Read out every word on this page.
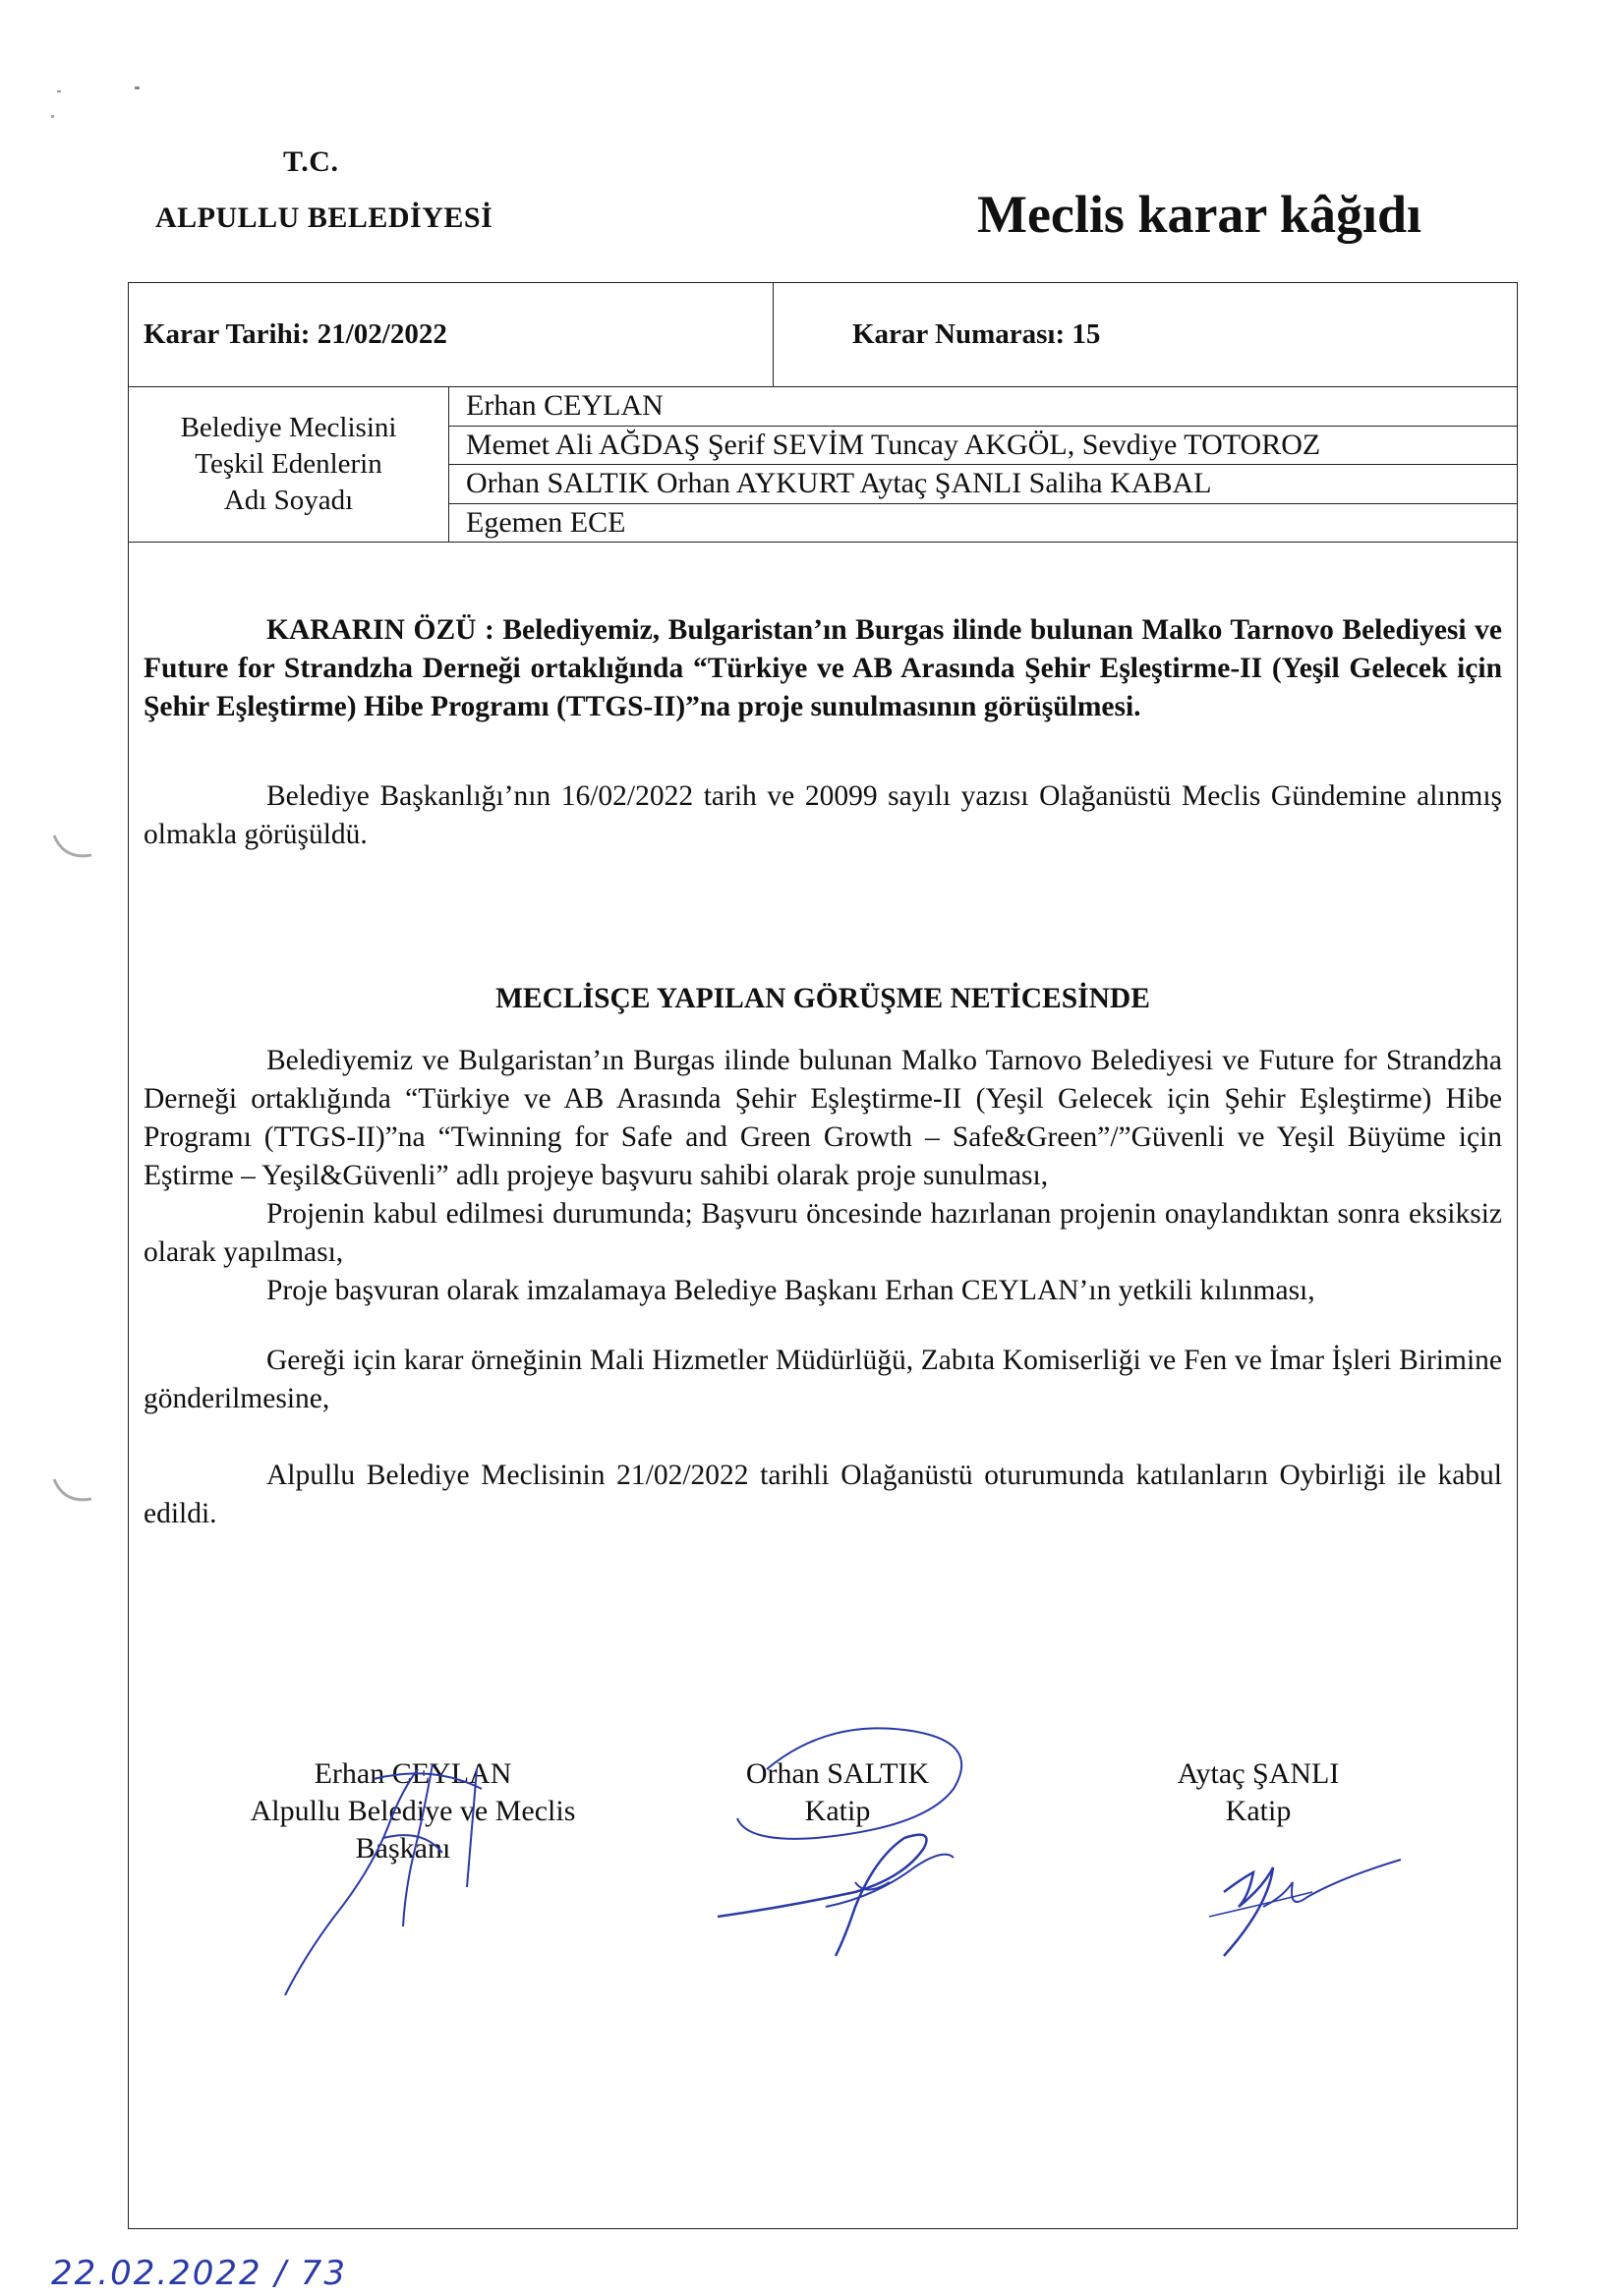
T.C.
ALPULLU BELEDİYESİ	Meclis karar kâğıdı
Karar Tarihi: 21/02/2022	Karar Numarası: 15
Belediye Meclisini
Teşkil Edenlerin
Adı Soyadı
Erhan CEYLAN
Memet Ali AĞDAŞ Şerif SEVİM Tuncay AKGÖL, Sevdiye TOTOROZ
Orhan SALTIK Orhan AYKURT Aytaç ŞANLI Saliha KABAL
Egemen ECE

KARARIN ÖZÜ : Belediyemiz, Bulgaristan’ın Burgas ilinde bulunan Malko Tarnovo Belediyesi ve Future for Strandzha Derneği ortaklığında “Türkiye ve AB Arasında Şehir Eşleştirme-II (Yeşil Gelecek için Şehir Eşleştirme) Hibe Programı (TTGS-II)”na proje sunulmasının görüşülmesi.

Belediye Başkanlığı’nın 16/02/2022 tarih ve 20099 sayılı yazısı Olağanüstü Meclis Gündemine alınmış olmakla görüşüldü.

MECLİSÇE YAPILAN GÖRÜŞME NETİCESİNDE

Belediyemiz ve Bulgaristan’ın Burgas ilinde bulunan Malko Tarnovo Belediyesi ve Future for Strandzha Derneği ortaklığında “Türkiye ve AB Arasında Şehir Eşleştirme-II (Yeşil Gelecek için Şehir Eşleştirme) Hibe Programı (TTGS-II)”na “Twinning for Safe and Green Growth – Safe&Green”/”Güvenli ve Yeşil Büyüme için Eştirme – Yeşil&Güvenli” adlı projeye başvuru sahibi olarak proje sunulması,

Projenin kabul edilmesi durumunda; Başvuru öncesinde hazırlanan projenin onaylandıktan sonra eksiksiz olarak yapılması,

Proje başvuran olarak imzalamaya Belediye Başkanı Erhan CEYLAN’ın yetkili kılınması,

Gereği için karar örneğinin Mali Hizmetler Müdürlüğü, Zabıta Komiserliği ve Fen ve İmar İşleri Birimine gönderilmesine,

Alpullu Belediye Meclisinin 21/02/2022 tarihli Olağanüstü oturumunda katılanların Oybirliği ile kabul edildi.

Erhan CEYLAN
Alpullu Belediye ve Meclis
Başkanı
Orhan SALTIK
Katip
Aytaç ŞANLI
Katip
22.02.2022 / 73
